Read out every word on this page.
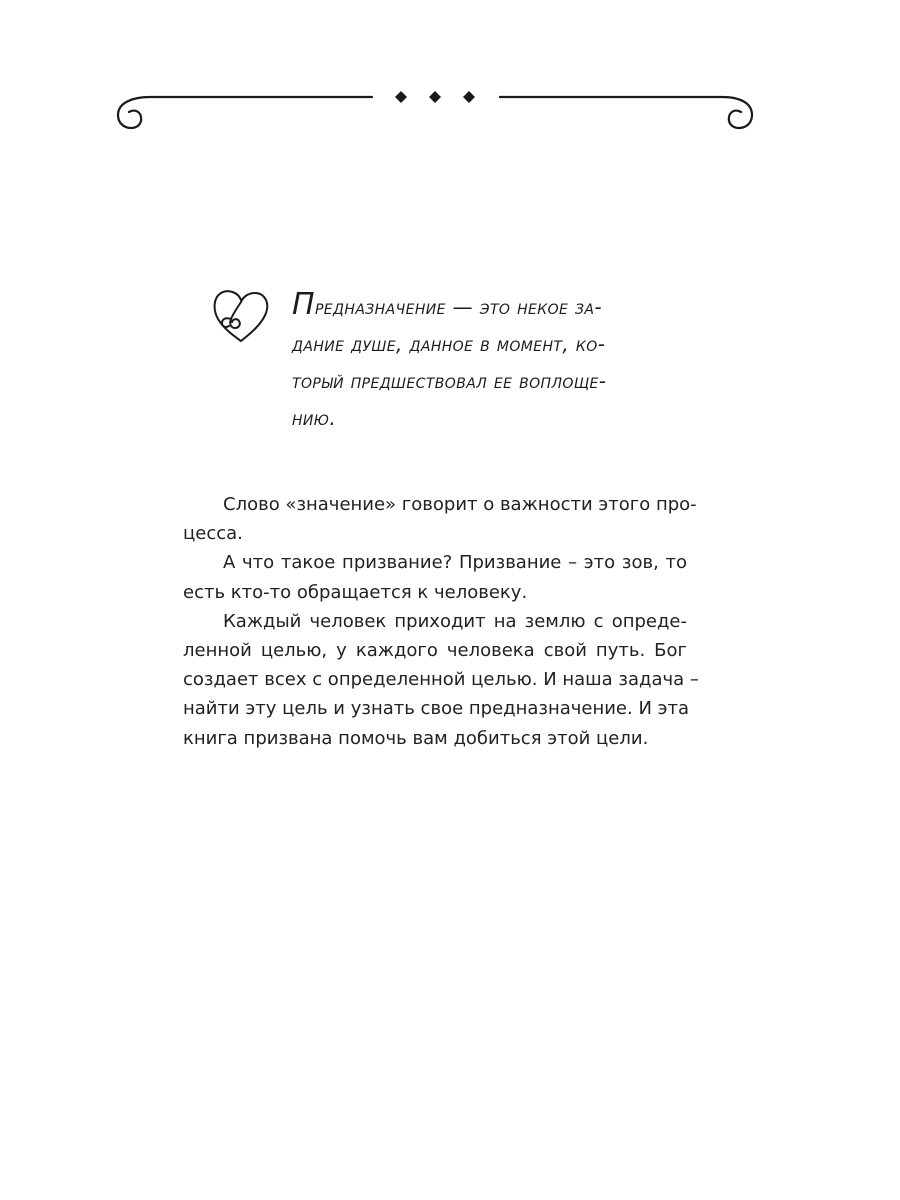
Предназначение — это некое за-
дание душе, данное в момент, ко-
торый предшествовал ее воплоще-
нию.

Слово «значение» говорит о важности этого про-
цесса.
А что такое призвание? Призвание – это зов, то
есть кто-то обращается к человеку.
Каждый человек приходит на землю с опреде-
ленной целью, у каждого человека свой путь. Бог
создает всех с определенной целью. И наша задача –
найти эту цель и узнать свое предназначение. И эта
книга призвана помочь вам добиться этой цели.
